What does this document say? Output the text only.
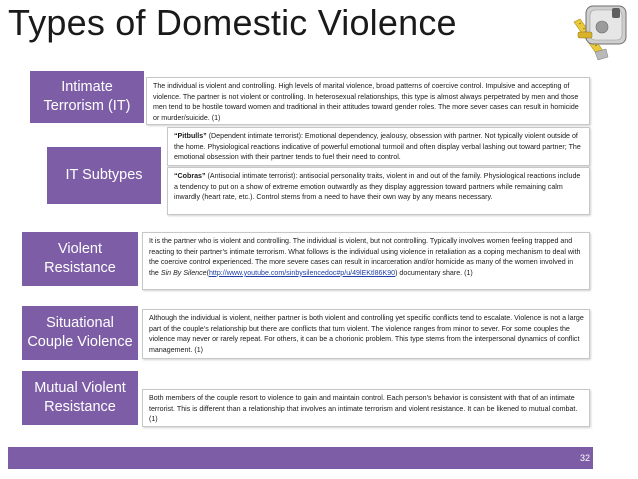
Types of Domestic Violence
Intimate Terrorism (IT)
The individual is violent and controlling. High levels of marital violence, broad patterns of coercive control. Impulsive and accepting of violence. The partner is not violent or controlling. In heterosexual relationships, this type is almost always perpetrated by men and those men tend to be hostile toward women and traditional in their attitudes toward gender roles. The more sever cases can result in homicide or murder/suicide. (1)
IT Subtypes
“Pitbulls” (Dependent intimate terrorist): Emotional dependency, jealousy, obsession with partner. Not typically violent outside of the home. Physiological reactions indicative of powerful emotional turmoil and often display verbal lashing out toward partner; The emotional obsession with their partner tends to fuel their need to control.
“Cobras” (Antisocial intimate terrorist): antisocial personality traits, violent in and out of the family. Physiological reactions include a tendency to put on a show of extreme emotion outwardly as they display aggression toward partners while remaining calm inwardly (heart rate, etc.). Control stems from a need to have their own way by any means necessary.
Violent Resistance
It is the partner who is violent and controlling. The individual is violent, but not controlling. Typically involves women feeling trapped and reacting to their partner’s intimate terrorism. What follows is the individual using violence in retaliation as a coping mechanism to deal with the coercive control experienced. The more severe cases can result in incarceration and/or homicide as many of the women involved in the Sin By Silence(http://www.youtube.com/sinbysilencedoc#p/u/49lEKtl86K90) documentary share. (1)
Situational Couple Violence
Although the individual is violent, neither partner is both violent and controlling yet specific conflicts tend to escalate. Violence is not a large part of the couple’s relationship but there are conflicts that turn violent. The violence ranges from minor to sever. For some couples the violence may never or rarely repeat. For others, it can be a chorionic problem. This type stems from the interpersonal dynamics of conflict management. (1)
Mutual Violent Resistance
Both members of the couple resort to violence to gain and maintain control. Each person’s behavior is consistent with that of an intimate terrorist. This is different than a relationship that involves an intimate terrorism and violent resistance. It can be likened to mutual combat. (1)
32
